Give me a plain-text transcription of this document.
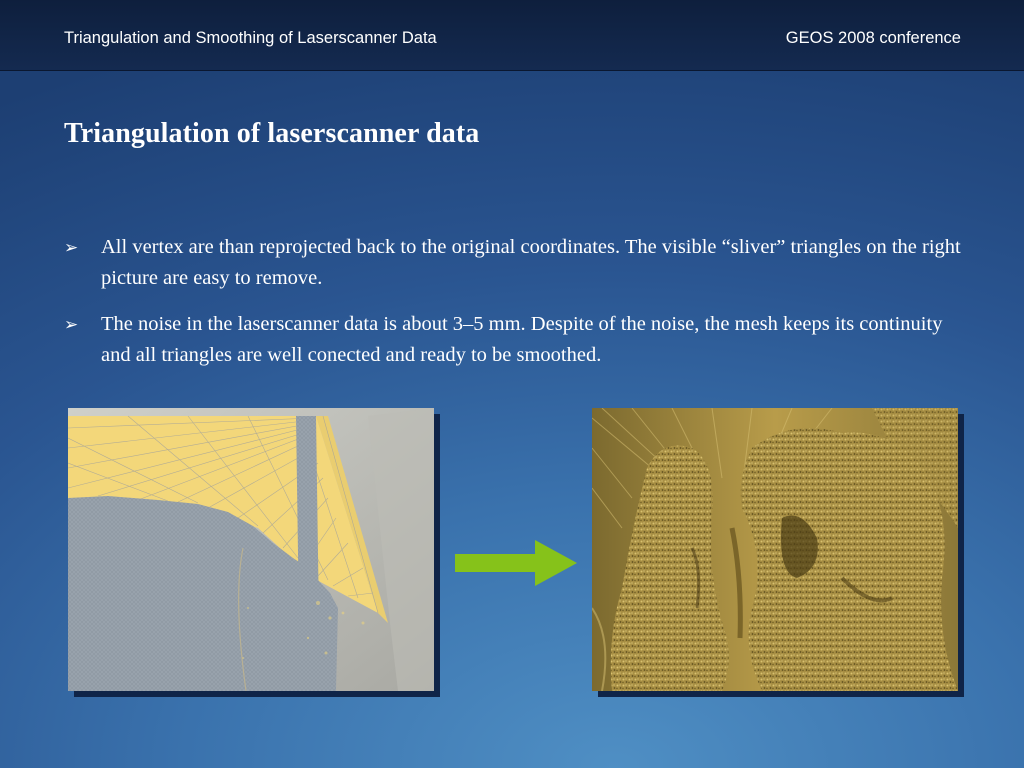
Triangulation and Smoothing of Laserscanner Data	GEOS 2008 conference
Triangulation of laserscanner data
➢ All vertex are than reprojected back to the original coordinates. The visible “sliver” triangles on the right picture are easy to remove.
➢ The noise in the laserscanner data is about 3–5 mm. Despite of the noise, the mesh keeps its continuity and all triangles are well conected and ready to be smoothed.
